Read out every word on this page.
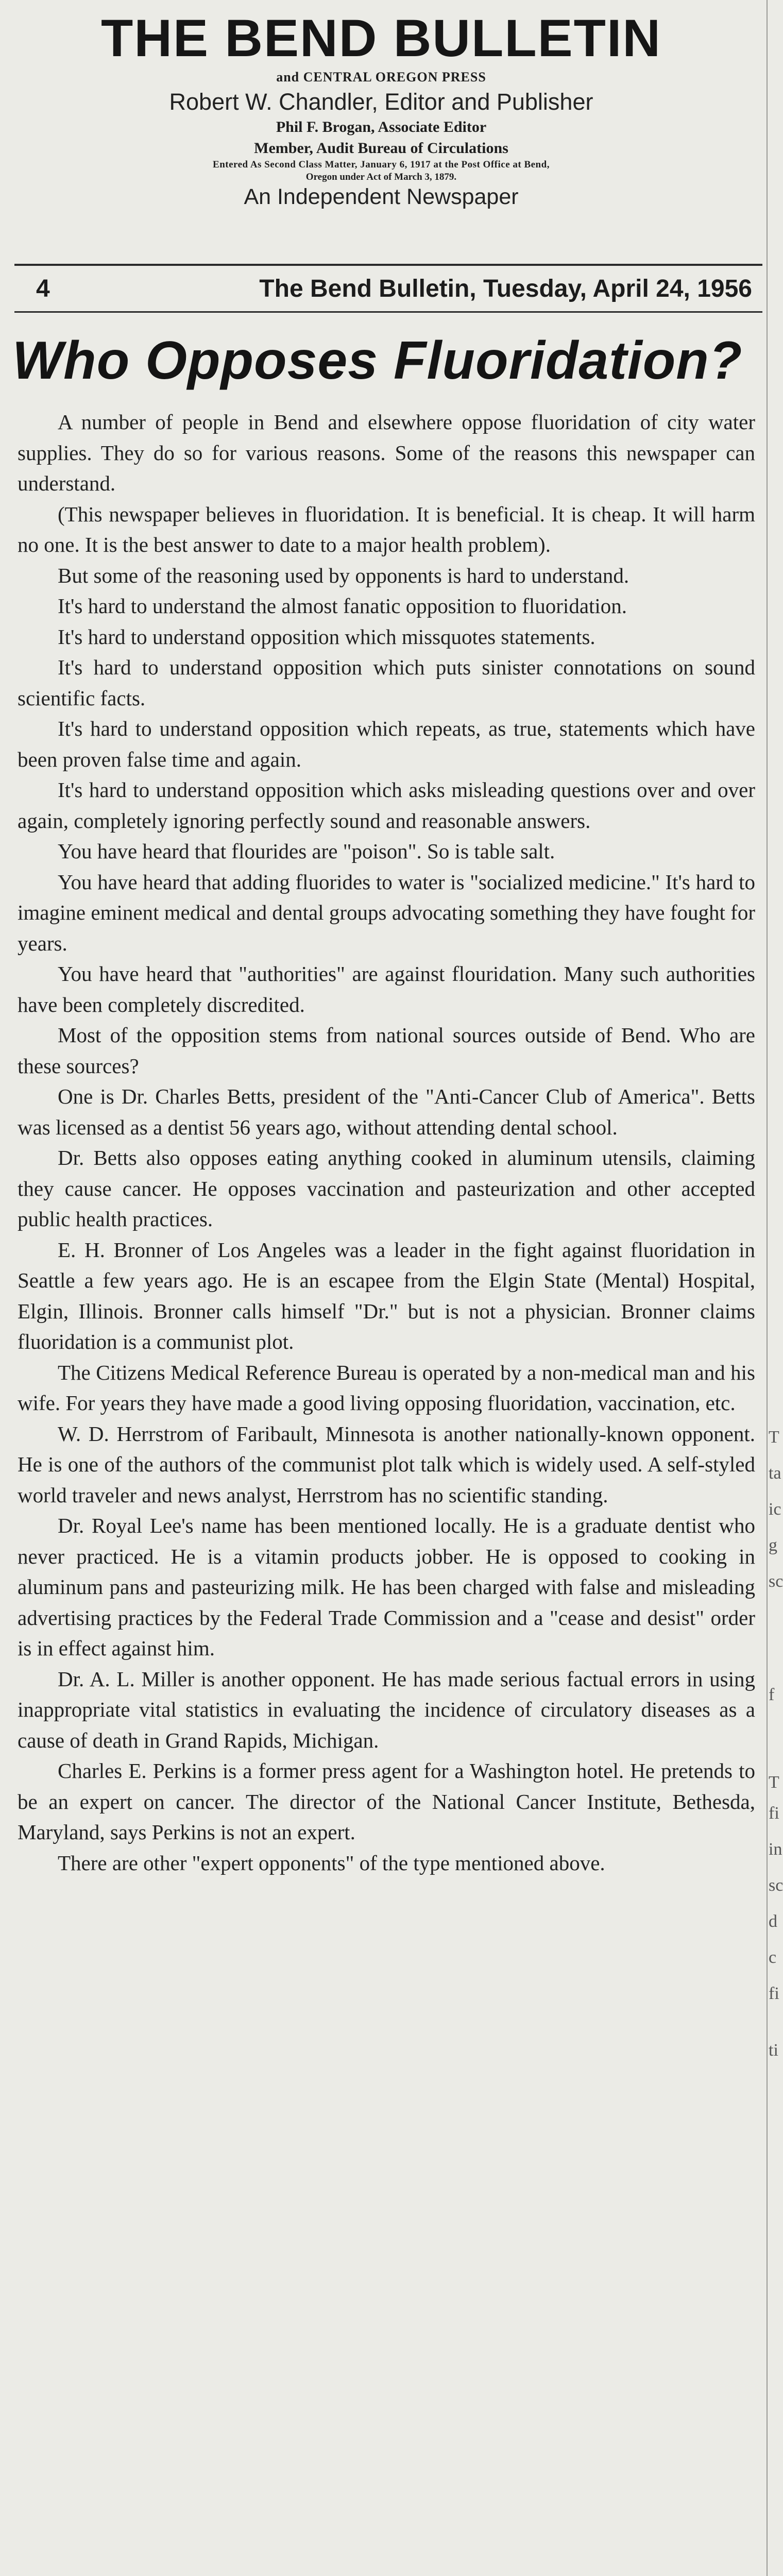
THE BEND BULLETIN
and CENTRAL OREGON PRESS
Robert W. Chandler, Editor and Publisher
Phil F. Brogan, Associate Editor
Member, Audit Bureau of Circulations
Entered As Second Class Matter, January 6, 1917 at the Post Office at Bend,
Oregon under Act of March 3, 1879.
An Independent Newspaper
4	The Bend Bulletin, Tuesday, April 24, 1956
Who Opposes Fluoridation?

A number of people in Bend and elsewhere oppose fluoridation of city water supplies. They do so for various reasons. Some of the reasons this newspaper can understand.

(This newspaper believes in fluoridation. It is beneficial. It is cheap. It will harm no one. It is the best answer to date to a major health problem).

But some of the reasoning used by opponents is hard to understand.

It's hard to understand the almost fanatic opposition to fluoridation.

It's hard to understand opposition which missquotes statements.

It's hard to understand opposition which puts sinister connotations on sound scientific facts.

It's hard to understand opposition which repeats, as true, statements which have been proven false time and again.

It's hard to understand opposition which asks misleading questions over and over again, completely ignoring perfectly sound and reasonable answers.

You have heard that flourides are "poison". So is table salt.

You have heard that adding fluorides to water is "socialized medicine." It's hard to imagine eminent medical and dental groups advocating something they have fought for years.

You have heard that "authorities" are against flouridation. Many such authorities have been completely discredited.

Most of the opposition stems from national sources outside of Bend. Who are these sources?

One is Dr. Charles Betts, president of the "Anti-Cancer Club of America". Betts was licensed as a dentist 56 years ago, without attending dental school.

Dr. Betts also opposes eating anything cooked in aluminum utensils, claiming they cause cancer. He opposes vaccination and pasteurization and other accepted public health practices.

E. H. Bronner of Los Angeles was a leader in the fight against fluoridation in Seattle a few years ago. He is an escapee from the Elgin State (Mental) Hospital, Elgin, Illinois. Bronner calls himself "Dr." but is not a physician. Bronner claims fluoridation is a communist plot.

The Citizens Medical Reference Bureau is operated by a non-medical man and his wife. For years they have made a good living opposing fluoridation, vaccination, etc.

W. D. Herrstrom of Faribault, Minnesota is another nationally-known opponent. He is one of the authors of the communist plot talk which is widely used. A self-styled world traveler and news analyst, Herrstrom has no scientific standing.

Dr. Royal Lee's name has been mentioned locally. He is a graduate dentist who never practiced. He is a vitamin products jobber. He is opposed to cooking in aluminum pans and pasteurizing milk. He has been charged with false and misleading advertising practices by the Federal Trade Commission and a "cease and desist" order is in effect against him.

Dr. A. L. Miller is another opponent. He has made serious factual errors in using inappropriate vital statistics in evaluating the incidence of circulatory diseases as a cause of death in Grand Rapids, Michigan.

Charles E. Perkins is a former press agent for a Washington hotel. He pretends to be an expert on cancer. The director of the National Cancer Institute, Bethesda, Maryland, says Perkins is not an expert.

There are other "expert opponents" of the type mentioned above.

T
ta
ic
g
sc
f
T
fi
in
sc
d
c
fi
ti
